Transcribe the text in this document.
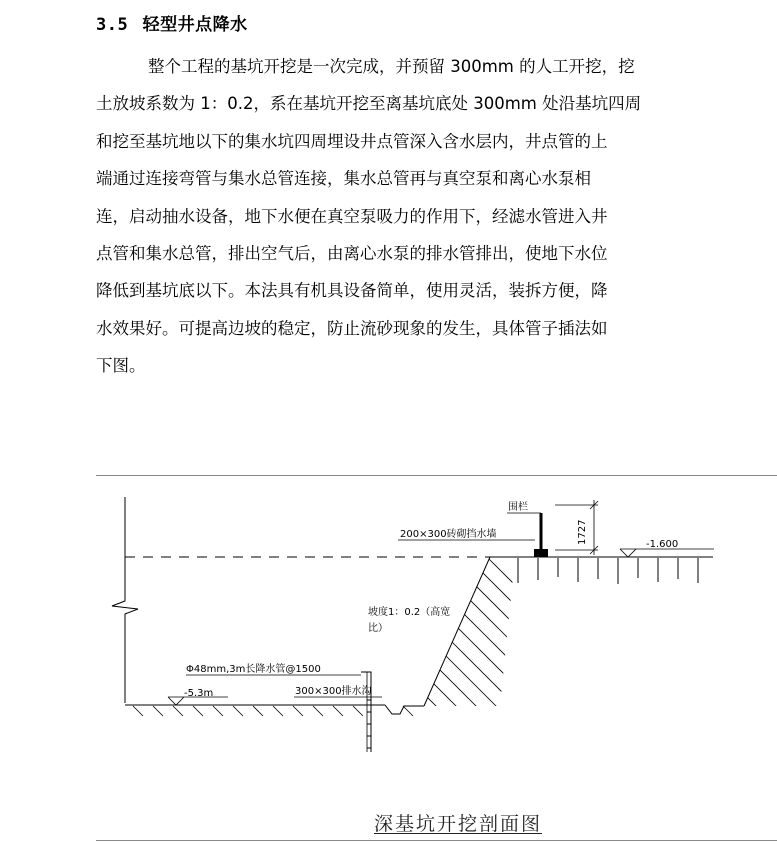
3.5 轻型井点降水
整个工程的基坑开挖是一次完成，并预留 300mm 的人工开挖，挖
土放坡系数为 1：0.2，系在基坑开挖至离基坑底处 300mm 处沿基坑四周
和挖至基坑地以下的集水坑四周埋设井点管深入含水层内，井点管的上
端通过连接弯管与集水总管连接，集水总管再与真空泵和离心水泵相
连，启动抽水设备，地下水便在真空泵吸力的作用下，经滤水管进入井
点管和集水总管，排出空气后，由离心水泵的排水管排出，使地下水位
降低到基坑底以下。本法具有机具设备简单，使用灵活，装拆方便，降
水效果好。可提高边坡的稳定，防止流砂现象的发生，具体管子插法如
下图。
围栏
200×300砖砌挡水墙	1727	-1.600
坡度1：0.2（高宽
比）
Φ48mm,3m长降水管@1500
-5.3m	300×300排水沟
深基坑开挖剖面图
